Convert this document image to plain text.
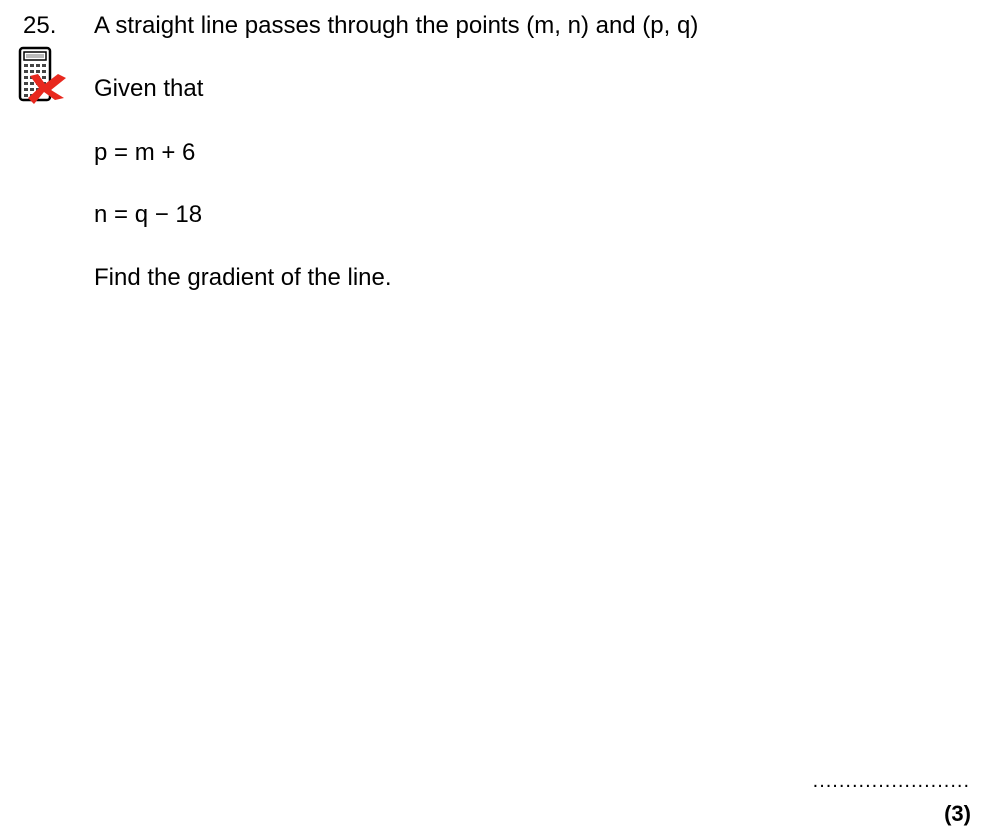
25. A straight line passes through the points (m, n) and (p, q)
Given that
p = m + 6
n = q − 18
Find the gradient of the line.
........................
(3)
